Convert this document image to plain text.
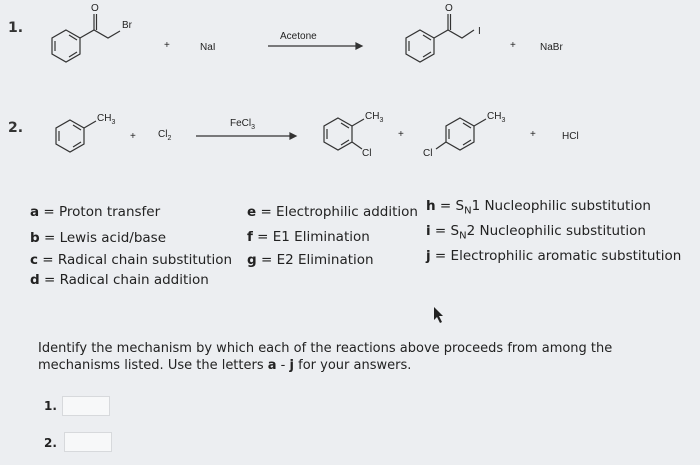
1.
2.
O	O
I
Br
+	NaI
Acetone
+ NaBr
$CH_3$
+ $Cl_2$
FeCl$_3$
$CH_3$
Cl
+
$CH_3$
Cl
+	HCl
a = Proton transfer
b = Lewis acid/base
c = Radical chain substitution
d = Radical chain addition
e = Electrophilic addition
f = E1 Elimination
g = E2 Elimination
$h = S_N1$ Nucleophilic substitution
$i = S_N2$ Nucleophilic substitution
j = Electrophilic aromatic substitution
Identify the mechanism by which each of the reactions above proceeds from among the
mechanisms listed. Use the letters a - j for your answers.
1.
2.
